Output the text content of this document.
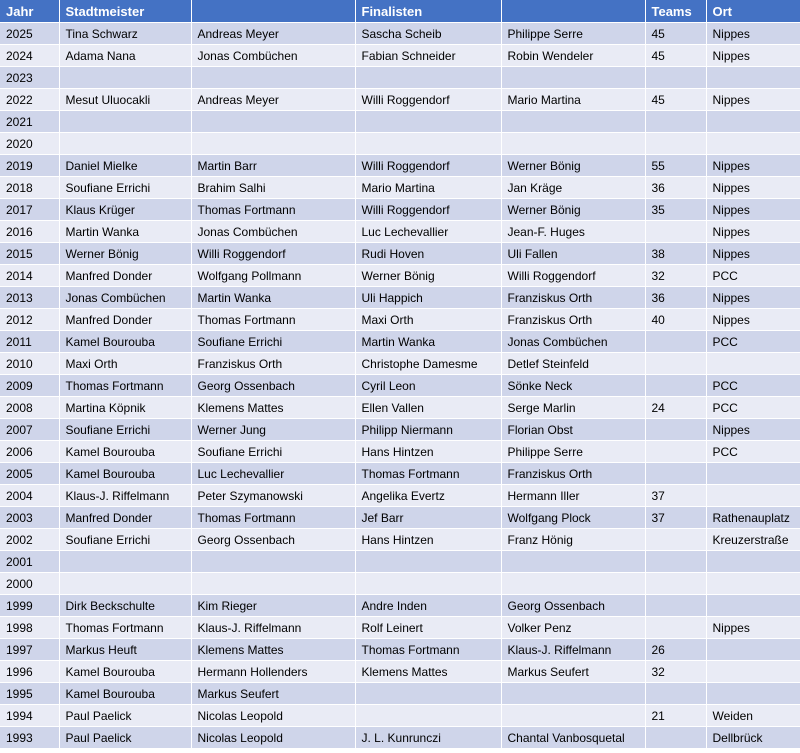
Jahr	Stadtmeister		Finalisten		Teams	Ort
2025	Tina Schwarz	Andreas Meyer	Sascha Scheib	Philippe Serre	45	Nippes
2024	Adama Nana	Jonas Combüchen	Fabian Schneider	Robin Wendeler	45	Nippes
2023						
2022	Mesut Uluocakli	Andreas Meyer	Willi Roggendorf	Mario Martina	45	Nippes
2021						
2020						
2019	Daniel Mielke	Martin Barr	Willi Roggendorf	Werner Bönig	55	Nippes
2018	Soufiane Errichi	Brahim Salhi	Mario Martina	Jan Kräge	36	Nippes
2017	Klaus Krüger	Thomas Fortmann	Willi Roggendorf	Werner Bönig	35	Nippes
2016	Martin Wanka	Jonas Combüchen	Luc Lechevallier	Jean-F. Huges		Nippes
2015	Werner Bönig	Willi Roggendorf	Rudi Hoven	Uli Fallen	38	Nippes
2014	Manfred Donder	Wolfgang Pollmann	Werner Bönig	Willi Roggendorf	32	PCC
2013	Jonas Combüchen	Martin Wanka	Uli Happich	Franziskus Orth	36	Nippes
2012	Manfred Donder	Thomas Fortmann	Maxi Orth	Franziskus Orth	40	Nippes
2011	Kamel Bourouba	Soufiane Errichi	Martin Wanka	Jonas Combüchen		PCC
2010	Maxi Orth	Franziskus Orth	Christophe Damesme	Detlef Steinfeld		
2009	Thomas Fortmann	Georg Ossenbach	Cyril Leon	Sönke Neck		PCC
2008	Martina Köpnik	Klemens Mattes	Ellen Vallen	Serge Marlin	24	PCC
2007	Soufiane Errichi	Werner Jung	Philipp Niermann	Florian Obst		Nippes
2006	Kamel Bourouba	Soufiane Errichi	Hans Hintzen	Philippe Serre		PCC
2005	Kamel Bourouba	Luc Lechevallier	Thomas Fortmann	Franziskus Orth		
2004	Klaus-J. Riffelmann	Peter Szymanowski	Angelika Evertz	Hermann Iller	37	
2003	Manfred Donder	Thomas Fortmann	Jef Barr	Wolfgang Plock	37	Rathenauplatz
2002	Soufiane Errichi	Georg Ossenbach	Hans Hintzen	Franz Hönig		Kreuzerstraße
2001						
2000						
1999	Dirk Beckschulte	Kim Rieger	Andre Inden	Georg Ossenbach		
1998	Thomas Fortmann	Klaus-J. Riffelmann	Rolf Leinert	Volker Penz		Nippes
1997	Markus Heuft	Klemens Mattes	Thomas Fortmann	Klaus-J. Riffelmann	26	
1996	Kamel Bourouba	Hermann Hollenders	Klemens Mattes	Markus Seufert	32	
1995	Kamel Bourouba	Markus Seufert				
1994	Paul Paelick	Nicolas Leopold			21	Weiden
1993	Paul Paelick	Nicolas Leopold	J. L. Kunrunczi	Chantal Vanbosquetal		Dellbrück
